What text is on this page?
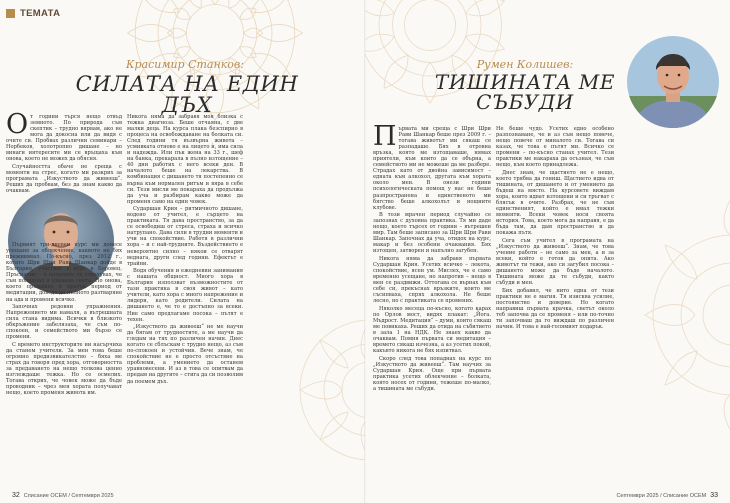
ТЕМАТА
Красимир Станков:
СИЛАТА НА ЕДИН ДЪХ

От години търся нещо отвъд земното. По природа съм скептик – трудно вярвам, ако не мога да докосна или да видя с очите си. Пробвах различни семинари – Норбеков, холотропно дишане – но винаги интересите ми се връщаха към онова, което не можех да обясня.

Случайността обаче не среща с моменти на стрес, когато ми разкрих за програмата „Изкуството да живееш“. Реших да пробвам, без да знам какво да очаквам.

Първият три-дневен курс ми донесе усещане за облекчение, каквото не бях преживявал. По-късно, през 2012 г., когато Шри Шри Рави Шанкар дойде в България, участвах в курс в Боровец. Пръснахме – в началото се страхувах, че съм попаднал в някаква секта. Но онова, което преживях в кратък период от медитации, доведе до пълното разтваряне на ада и промени всичко.

Започнах редовни упражнения. Напрежението ми намаля, а вътрешната сила стана видима. Всички в близкото обкръжение забелязаха, че съм по-спокоен, и семейството ми бързо се промени.

С времето инструкторите ни насърчиха да станем учители. За мен това беше огромно предизвикателство – бяха ме страх да говоря пред хора, отговорността за предаването на нещо толкова ценно изглеждаше тежка. Но се осмелих. Тогава открих, че човек може да бъде проводник – чрез мен хората получават нещо, което променя живота им.

Никога няма да забравя моя близка с тежка диагноза. Беше отчаяна, с две малки деца. На курса плака безспирно в процеса на освобождаване на болката си. След години тя възвърна живота – усмивката отново е на лицето ѝ, има сила и надежда. Или пък жена на 33 г., шеф на банка, прекарала в пълно изтощение – 40 дни работих с него всеки ден. В началото беше на лекарства. В комбинация с дишането тя постепенно се върна към нормален ритъм и вяра в себе си. Тези мисли ме покараха да продължа да уча и разбирам какво може да променя само на един човек.

Сударшан Крия – ритмичното дишане, водено от учител, е сърцето на практиката. Тя дава пространство, за да се освободиш от стреса, страха и всичко натрупано. Дава сили в трудни моменти и учи на спокойствие. Работя в различни хора – и с най-трудните. Въздействието е невероятно силно – някои се отварят веднага, други след години. Ефектът е трайни.

Водя обучения и ежедневни занимания с нашата общност. Много хора в България използват възможностите от тази практика в своя живот – като учители, като хора с много напрежение и лидери, като родители. Силата на дишането е, че то е достъпно за всеки. Ние само предлагаме посока – пътят е техен.

„Изкуството да живееш“ не ме научи да бягам от трудностите, а ме научи да гледам на тях по различен начин. Днес когато се сблъскам с трудно нещо, аз съм по-спокоен и устойчив. Вече знам, че спокойствие не е просто отсъствие на проблеми, а умението да останем уравновесени. И аз в това се опитвам да предам на другите – стига да си позволим да поемем дъх.

32 Списание ОСЕМ / Септември 2025
Румен Колишев:
ТИШИНАТА МЕ
СЪБУДИ

Първата ми среща с Шри Шри Рави Шанкар беше през 2009 г. – тогава животът ми сякаш се разпадаше. Бях в отровна връзка, която ме изтощаваше, нямах приятели, към които да се обърна, а семейството ми не можеше да ме разбере. Страдах като от двойна зависимост – едната към алкохол, другата към хората около мен. В онези години психологическата помощ у нас не беше разпространена и единственото ми бягство беше алкохолът и нощните клубове.

В този мрачен период случайно се запознах с духовна практика. Тя ми даде нещо, което търсех от години – вътрешен мир. Там беше записано за Шри Шри Рави Шанкар. Започнах да уча, отидох на курс, макар и без особени очаквания. Бях изтощен, затворен и напълно загубен.

Никога няма да забравя първата Сударшан Крия. Усетих всичко – лекота, спокойствие, ясен ум. Мислех, че е само временно усещане, но напротив – нещо в мен се раздвижи. Оттогава се върнах към себе си, прекъснах връзките, които ме съсипваха, спрях алкохола. Не беше лесно, но с практиката се промених.

Няколко месеца по-късно, когато карах по Орлов мост, видях плакат: „Йога. Мъдрост. Медитация“ – думи, които сякаш ме повикаха. Реших да отида на събитието в зала 1 на НДК. Не знаех какво да очаквам. Помня първата си медитация – времето сякаш изчезна, а аз усетих покой, какъвто никога не бях изпитвал.

Скоро след това попаднах на курс по „Изкуството да живееш“. Там научих за Сударшан Крия. Още при първата практика усетих облекчение – болката, която носех от години, тежеше по-малко, а тишината ме събуди.

Не беше чудо. Усетих едно особено разпознаване, че и аз съм нещо повече, нещо повече от миналото си. Тогава си казах, че това е пътят ми. Всичко се промени – по-късно станах учител. Тези практики ме накараха да осъзная, че съм нещо, към което принадлежа.

Днес знам, че щастието не е нещо, което трябва да гониш. Щастието идва от тишината, от дишането и от умението да бъдеш на място. На курсовете виждам хора, които идват изтощени и си тръгват с блясък в очите. Разбрах, че не съм единственият, който е имал тежки моменти. Всеки човек носи своята история. Това, което мога да направя, е да бъда там, да дам пространство и да покажа пътя.

Сега съм учител в програмата на „Изкуството да живееш“. Знам, че това учение работи – не само за мен, а и за всеки, който е готов да опита. Ако животът ти тежи, ако си загубил посока – дишането може да бъде началото. Тишината може да те събуди, както събуди и мен.

Бих добавил, че нито една от тези практики не е магия. Тя изисква усилие, постоянство и доверие. Но когато направиш първата крачка, светът около теб започва да се променя – или по-точно ти започваш да го виждаш по различен начин. И това е най-голямият подарък.

Септември 2025 / Списание ОСЕМ 33
